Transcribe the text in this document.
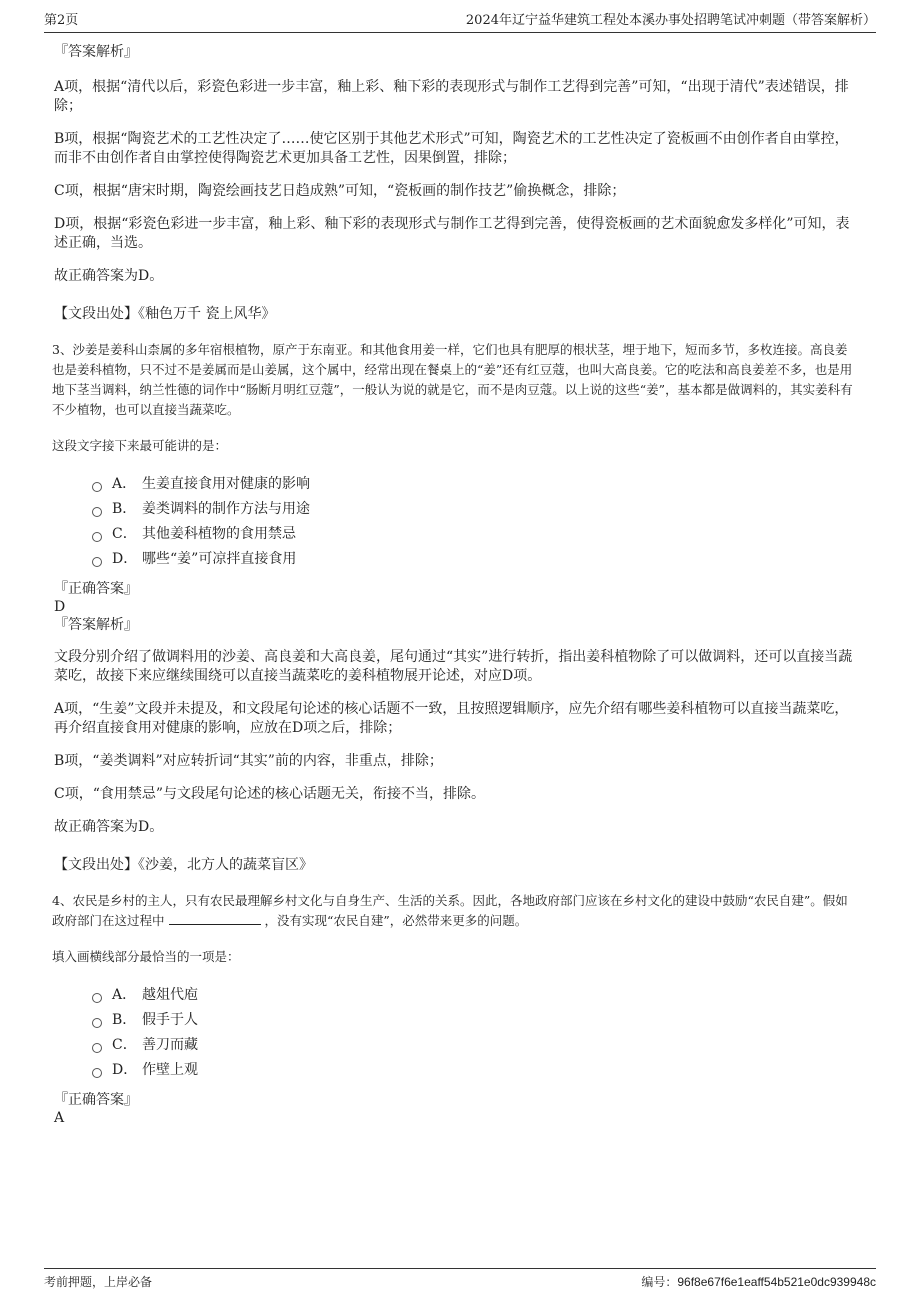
第2页	2024年辽宁益华建筑工程处本溪办事处招聘笔试冲刺题（带答案解析）

『答案解析』

A项，根据“清代以后，彩瓷色彩进一步丰富，釉上彩、釉下彩的表现形式与制作工艺得到完善”可知，“出现于清代”表述错误，排除；

B项，根据“陶瓷艺术的工艺性决定了……使它区别于其他艺术形式”可知，陶瓷艺术的工艺性决定了瓷板画不由创作者自由掌控，而非不由创作者自由掌控使得陶瓷艺术更加具备工艺性，因果倒置，排除；

C项，根据“唐宋时期，陶瓷绘画技艺日趋成熟”可知，“瓷板画的制作技艺”偷换概念，排除；

D项，根据“彩瓷色彩进一步丰富，釉上彩、釉下彩的表现形式与制作工艺得到完善，使得瓷板画的艺术面貌愈发多样化”可知，表述正确，当选。

故正确答案为D。

【文段出处】《釉色万千 瓷上风华》

3、沙姜是姜科山柰属的多年宿根植物，原产于东南亚。和其他食用姜一样，它们也具有肥厚的根状茎，埋于地下，短而多节，多枚连接。高良姜也是姜科植物，只不过不是姜属而是山姜属，这个属中，经常出现在餐桌上的“姜”还有红豆蔻，也叫大高良姜。它的吃法和高良姜差不多，也是用地下茎当调料，纳兰性德的词作中“肠断月明红豆蔻”，一般认为说的就是它，而不是肉豆蔻。以上说的这些“姜”，基本都是做调料的，其实姜科有不少植物，也可以直接当蔬菜吃。

这段文字接下来最可能讲的是：

A． 生姜直接食用对健康的影响
B． 姜类调料的制作方法与用途
C． 其他姜科植物的食用禁忌
D． 哪些“姜”可凉拌直接食用

『正确答案』

D

『答案解析』

文段分别介绍了做调料用的沙姜、高良姜和大高良姜，尾句通过“其实”进行转折，指出姜科植物除了可以做调料，还可以直接当蔬菜吃，故接下来应继续围绕可以直接当蔬菜吃的姜科植物展开论述，对应D项。

A项，“生姜”文段并未提及，和文段尾句论述的核心话题不一致，且按照逻辑顺序，应先介绍有哪些姜科植物可以直接当蔬菜吃，再介绍直接食用对健康的影响，应放在D项之后，排除；

B项，“姜类调料”对应转折词“其实”前的内容，非重点，排除；

C项，“食用禁忌”与文段尾句论述的核心话题无关，衔接不当，排除。

故正确答案为D。

【文段出处】《沙姜，北方人的蔬菜盲区》

4、农民是乡村的主人，只有农民最理解乡村文化与自身生产、生活的关系。因此，各地政府部门应该在乡村文化的建设中鼓励“农民自建”。假如政府部门在这过程中	，没有实现“农民自建”，必然带来更多的问题。

填入画横线部分最恰当的一项是：

A． 越俎代庖
B． 假手于人
C． 善刀而藏
D． 作壁上观

『正确答案』

A

考前押题，上岸必备	编号：96f8e67f6e1eaff54b521e0dc939948c
